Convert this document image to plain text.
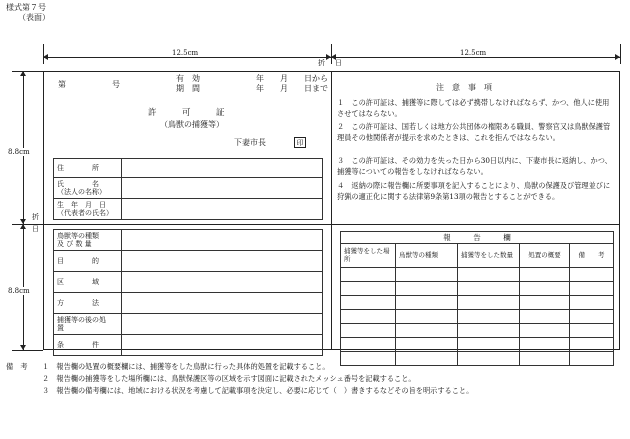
様式第７号
（表面）
12.5cm	12.5cm
折 日
8.8cm
8.8cm
折
日
第	号
有　効
期　間
年　　月　　日から
年　　月　　日まで
許　　　可　　　証
（鳥獣の捕獲等）
下妻市長	印
住　　　　所	
氏　　　　名
（法人の名称）	
生　年　月　日
（代表者の氏名）	
鳥獣等の種類
及 び 数 量	
目　　　　的	
区　　　　域	
方　　　　法	
捕獲等の後の処
置	
条　　　　件	
注　意　事　項
１　この許可証は、捕獲等に際しては必ず携帯しなければならず、かつ、他人に使用させてはならない。
２　この許可証は、国若しくは地方公共団体の権限ある職員、警察官又は鳥獣保護管理員その他関係者が提示を求めたときは、これを拒んではならない。
３　この許可証は、その効力を失った日から30日以内に、下妻市長に返納し、かつ、捕獲等についての報告をしなければならない。
４　返納の際に報告欄に所要事項を記入することにより、鳥獣の保護及び管理並びに狩猟の適正化に関する法律第9条第13項の報告とすることができる。
報　　　告　　　欄				
捕獲等をした場所	鳥獣等の種類	捕獲等をした数量	処置の概要	備　　考

備　考 １　報告欄の処置の概要欄には、捕獲等をした鳥獣に行った具体的処置を記載すること。
２　報告欄の捕獲等をした場所欄には、鳥獣保護区等の区域を示す図面に記載されたメッシュ番号を記載すること。
３　報告欄の備考欄には、地域における状況を考慮して記載事項を決定し、必要に応じて（　）書きするなどその旨を明示すること。
